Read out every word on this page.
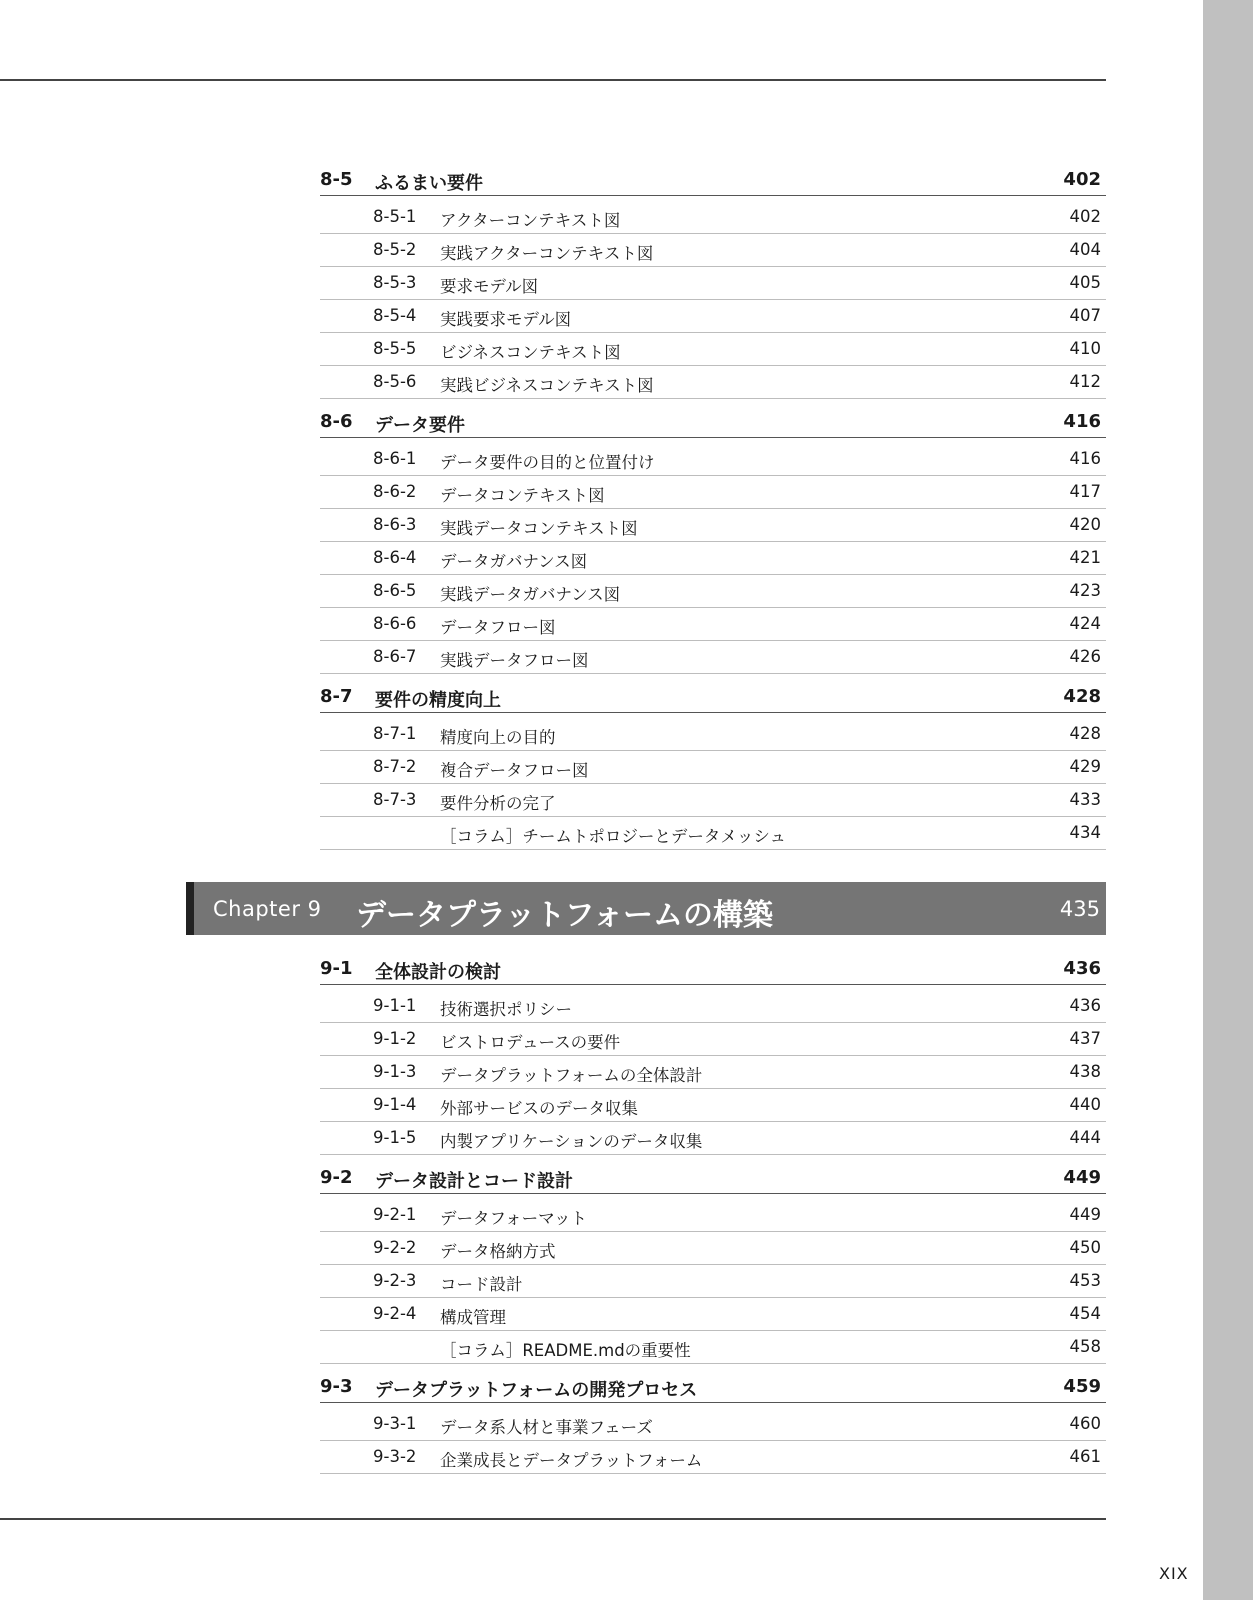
8-5 ふるまい要件	402
8-5-1 アクターコンテキスト図	402
8-5-2 実践アクターコンテキスト図	404
8-5-3 要求モデル図	405
8-5-4 実践要求モデル図	407
8-5-5 ビジネスコンテキスト図	410
8-5-6 実践ビジネスコンテキスト図	412
8-6 データ要件	416
8-6-1 データ要件の目的と位置付け	416
8-6-2 データコンテキスト図	417
8-6-3 実践データコンテキスト図	420
8-6-4 データガバナンス図	421
8-6-5 実践データガバナンス図	423
8-6-6 データフロー図	424
8-6-7 実践データフロー図	426
8-7 要件の精度向上	428
8-7-1 精度向上の目的	428
8-7-2 複合データフロー図	429
8-7-3 要件分析の完了	433
［コラム］チームトポロジーとデータメッシュ	434
Chapter 9 データプラットフォームの構築	435
9-1 全体設計の検討	436
9-1-1 技術選択ポリシー	436
9-1-2 ビストロデュースの要件	437
9-1-3 データプラットフォームの全体設計	438
9-1-4 外部サービスのデータ収集	440
9-1-5 内製アプリケーションのデータ収集	444
9-2 データ設計とコード設計	449
9-2-1 データフォーマット	449
9-2-2 データ格納方式	450
9-2-3 コード設計	453
9-2-4 構成管理	454
［コラム］README.mdの重要性	458
9-3 データプラットフォームの開発プロセス	459
9-3-1 データ系人材と事業フェーズ	460
9-3-2 企業成長とデータプラットフォーム	461
XIX
